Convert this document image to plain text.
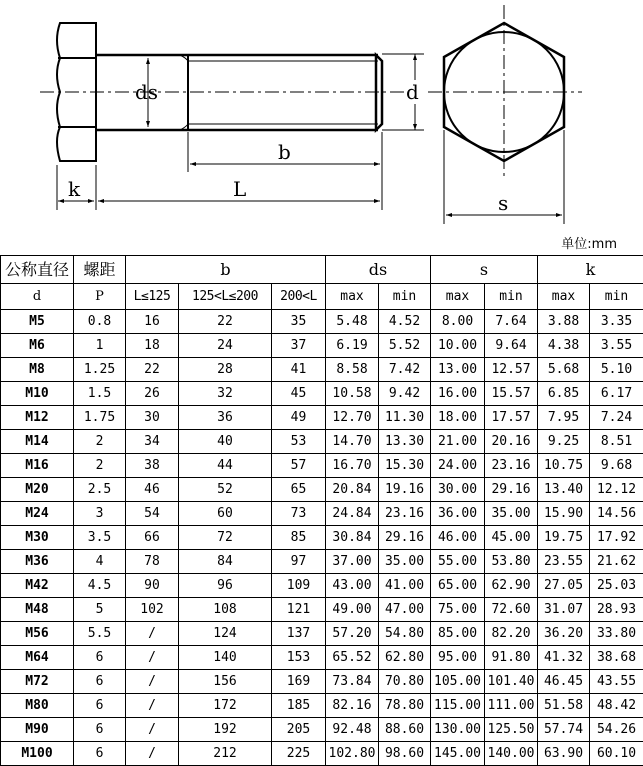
ds	d
b
L
k
s
单位:mm
公称直径	螺距	b			ds		s		k	
d	P	L≤125	125<L≤200	200<L	max	min	max	min	max	min
M5	0.8	16	22	35	5.48	4.52	8.00	7.64	3.88	3.35
M6	1	18	24	37	6.19	5.52	10.00	9.64	4.38	3.55
M8	1.25	22	28	41	8.58	7.42	13.00	12.57	5.68	5.10
M10	1.5	26	32	45	10.58	9.42	16.00	15.57	6.85	6.17
M12	1.75	30	36	49	12.70	11.30	18.00	17.57	7.95	7.24
M14	2	34	40	53	14.70	13.30	21.00	20.16	9.25	8.51
M16	2	38	44	57	16.70	15.30	24.00	23.16	10.75	9.68
M20	2.5	46	52	65	20.84	19.16	30.00	29.16	13.40	12.12
M24	3	54	60	73	24.84	23.16	36.00	35.00	15.90	14.56
M30	3.5	66	72	85	30.84	29.16	46.00	45.00	19.75	17.92
M36	4	78	84	97	37.00	35.00	55.00	53.80	23.55	21.62
M42	4.5	90	96	109	43.00	41.00	65.00	62.90	27.05	25.03
M48	5	102	108	121	49.00	47.00	75.00	72.60	31.07	28.93
M56	5.5	/	124	137	57.20	54.80	85.00	82.20	36.20	33.80
M64	6	/	140	153	65.52	62.80	95.00	91.80	41.32	38.68
M72	6	/	156	169	73.84	70.80	105.00	101.40	46.45	43.55
M80	6	/	172	185	82.16	78.80	115.00	111.00	51.58	48.42
M90	6	/	192	205	92.48	88.60	130.00	125.50	57.74	54.26
M100	6	/	212	225	102.80	98.60	145.00	140.00	63.90	60.10
